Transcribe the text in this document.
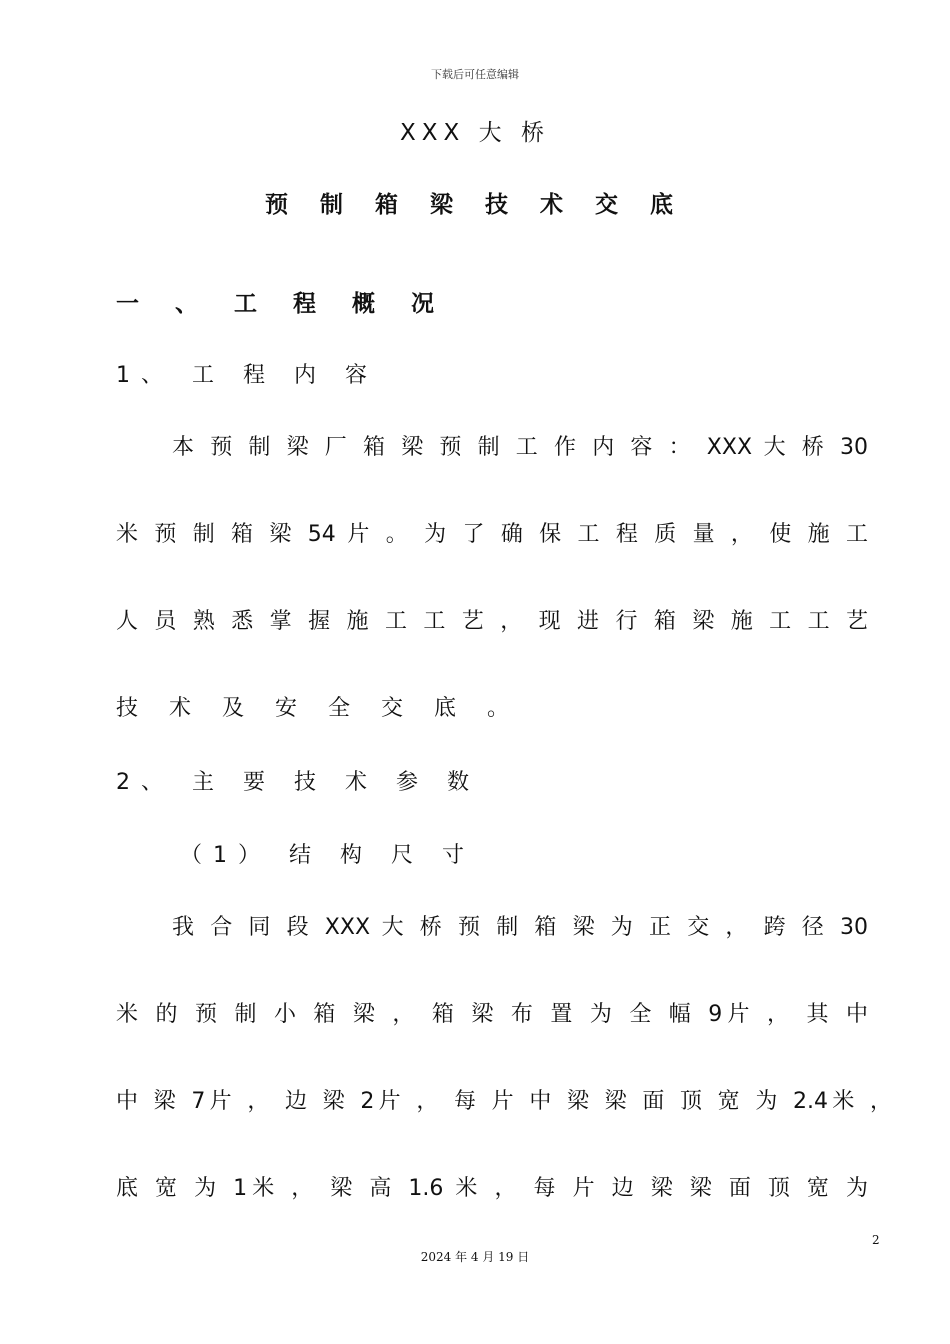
下载后可任意编辑
XXX 大 桥
预 制 箱 梁 技 术 交 底
一 、 工 程 概 况
1、 工 程 内 容
本 预 制 梁 厂 箱 梁 预 制 工 作 内 容 ： XXX 大 桥 30
米 预 制 箱 梁 54 片 。 为 了 确 保 工 程 质 量 ， 使 施 工
人 员 熟 悉 掌 握 施 工 工 艺 ， 现 进 行 箱 梁 施 工 工 艺
技 术 及 安 全 交 底 。
2、 主 要 技 术 参 数
（1） 结 构 尺 寸
我 合 同 段 XXX 大 桥 预 制 箱 梁 为 正 交 ， 跨 径 30
米 的 预 制 小 箱 梁 ， 箱 梁 布 置 为 全 幅 9片 ， 其 中
中 梁 7片 ， 边 梁 2片 ， 每 片 中 梁 梁 面 顶 宽 为 2.4米 ，
底 宽 为 1米 ， 梁 高 1.6 米 ， 每 片 边 梁 梁 面 顶 宽 为
2
2024 年 4 月 19 日
